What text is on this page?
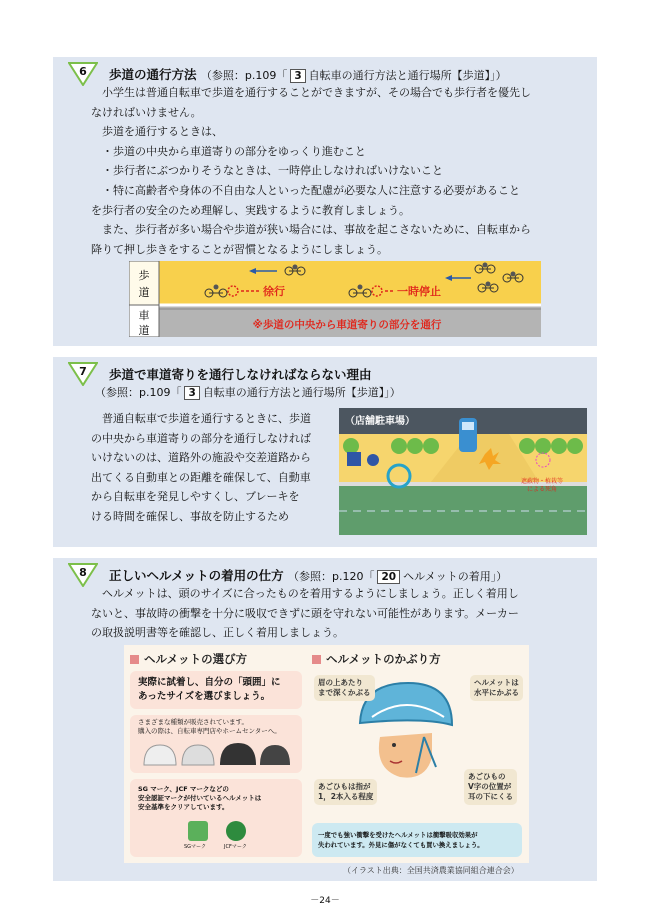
6	歩道の通行方法 （参照：p.109「 3 自転車の通行方法と通行場所【歩道】」）

小学生は普通自転車で歩道を通行することができますが、その場合でも歩行者を優先し

なければいけません。

歩道を通行するときは、

・歩道の中央から車道寄りの部分をゆっくり進むこと

・歩行者にぶつかりそうなときは、一時停止しなければいけないこと

・特に高齢者や身体の不自由な人といった配慮が必要な人に注意する必要があること

を歩行者の安全のため理解し、実践するように教育しましょう。

また、歩行者が多い場合や歩道が狭い場合には、事故を起こさないために、自転車から

降りて押し歩きをすることが習慣となるようにしましょう。

歩
道
車
道
徐行	一時停止
※歩道の中央から車道寄りの部分を通行
7	歩道で車道寄りを通行しなければならない理由
（参照：p.109「 3 自転車の通行方法と通行場所【歩道】」）

普通自転車で歩道を通行するときに、歩道

の中央から車道寄りの部分を通行しなければ

いけないのは、道路外の施設や交差道路から

出てくる自動車との距離を確保して、自動車

から自転車を発見しやすくし、ブレーキを

ける時間を確保し、事故を防止するため

（店舗駐車場）
遮蔽物・植栽等
による死角
8	正しいヘルメットの着用の仕方 （参照：p.120「 20 ヘルメットの着用」）

ヘルメットは、頭のサイズに合ったものを着用するようにしましょう。正しく着用し

ないと、事故時の衝撃を十分に吸収できずに頭を守れない可能性があります。メーカー

の取扱説明書等を確認し、正しく着用しましょう。

ヘルメットの選び方	ヘルメットのかぶり方
実際に試着し、自分の「頭囲」に
あったサイズを選びましょう。
さまざまな種類が販売されています。
購入の際は、自転車専門店やホームセンターへ。
SG マーク、JCF マークなどの
安全認証マークが付いているヘルメットは
安全基準をクリアしています。
SGマーク	JCFマーク
眉の上あたり
まで深くかぶる
ヘルメットは
水平にかぶる
あごひもは指が
1，2本入る程度
あごひもの
V字の位置が
耳の下にくる
一度でも強い衝撃を受けたヘルメットは衝撃吸収効果が
失われています。外見に傷がなくても買い換えましょう。
（イラスト出典：全国共済農業協同組合連合会）
－24－
